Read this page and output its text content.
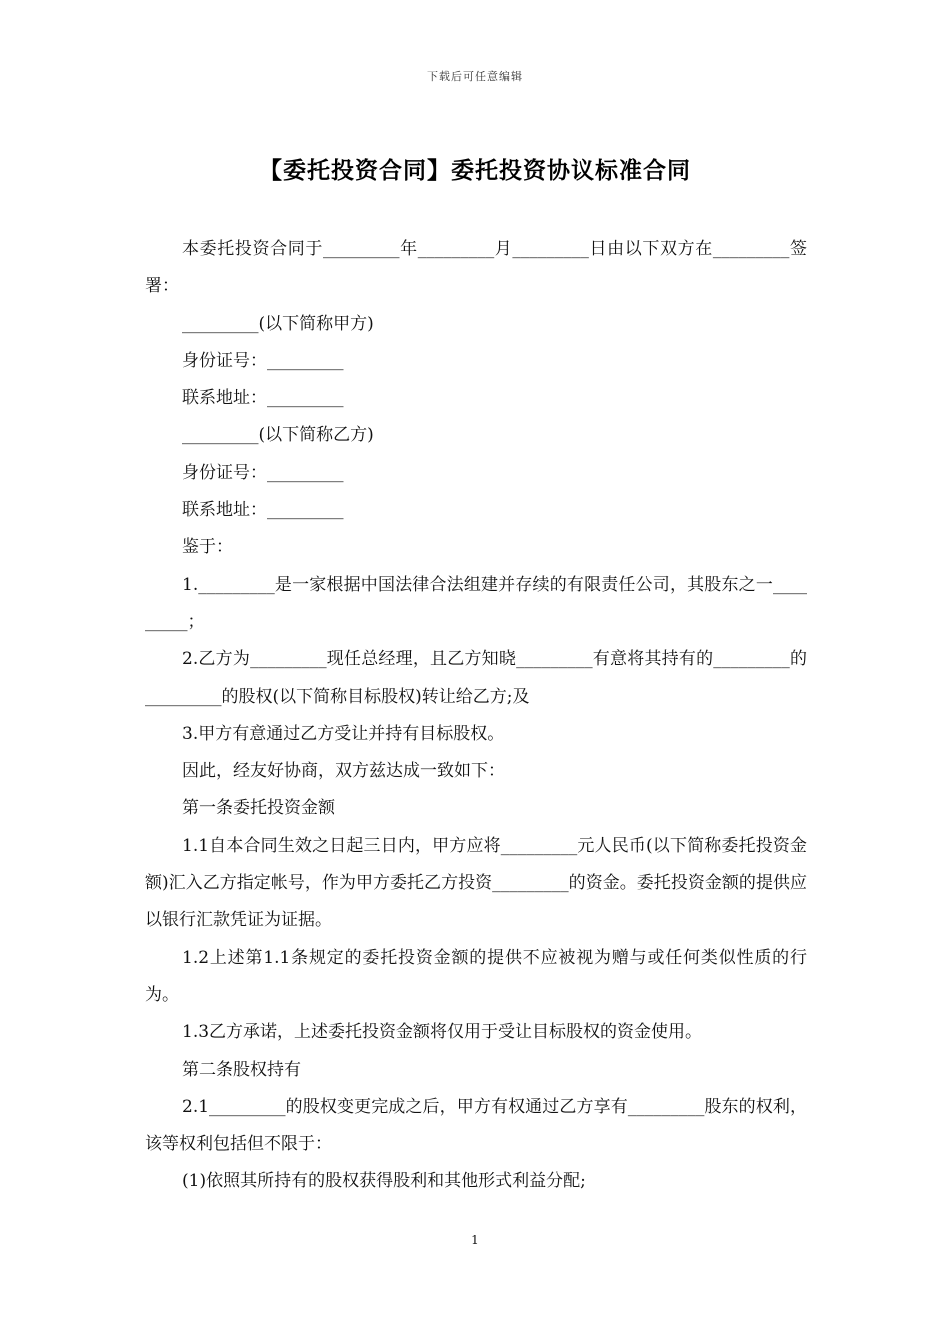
下载后可任意编辑
【委托投资合同】委托投资协议标准合同

本委托投资合同于_________年_________月_________日由以下双方在_________签署：

_________(以下简称甲方)

身份证号：_________

联系地址：_________

_________(以下简称乙方)

身份证号：_________

联系地址：_________

鉴于：

1._________是一家根据中国法律合法组建并存续的有限责任公司，其股东之一_________；

2.乙方为_________现任总经理，且乙方知晓_________有意将其持有的_________的_________的股权(以下简称目标股权)转让给乙方;及

3.甲方有意通过乙方受让并持有目标股权。

因此，经友好协商，双方兹达成一致如下：

第一条委托投资金额

1.1自本合同生效之日起三日内，甲方应将_________元人民币(以下简称委托投资金额)汇入乙方指定帐号，作为甲方委托乙方投资_________的资金。委托投资金额的提供应以银行汇款凭证为证据。

1.2上述第1.1条规定的委托投资金额的提供不应被视为赠与或任何类似性质的行为。

1.3乙方承诺，上述委托投资金额将仅用于受让目标股权的资金使用。

第二条股权持有

2.1_________的股权变更完成之后，甲方有权通过乙方享有_________股东的权利，该等权利包括但不限于：

(1)依照其所持有的股权获得股利和其他形式利益分配;

1
